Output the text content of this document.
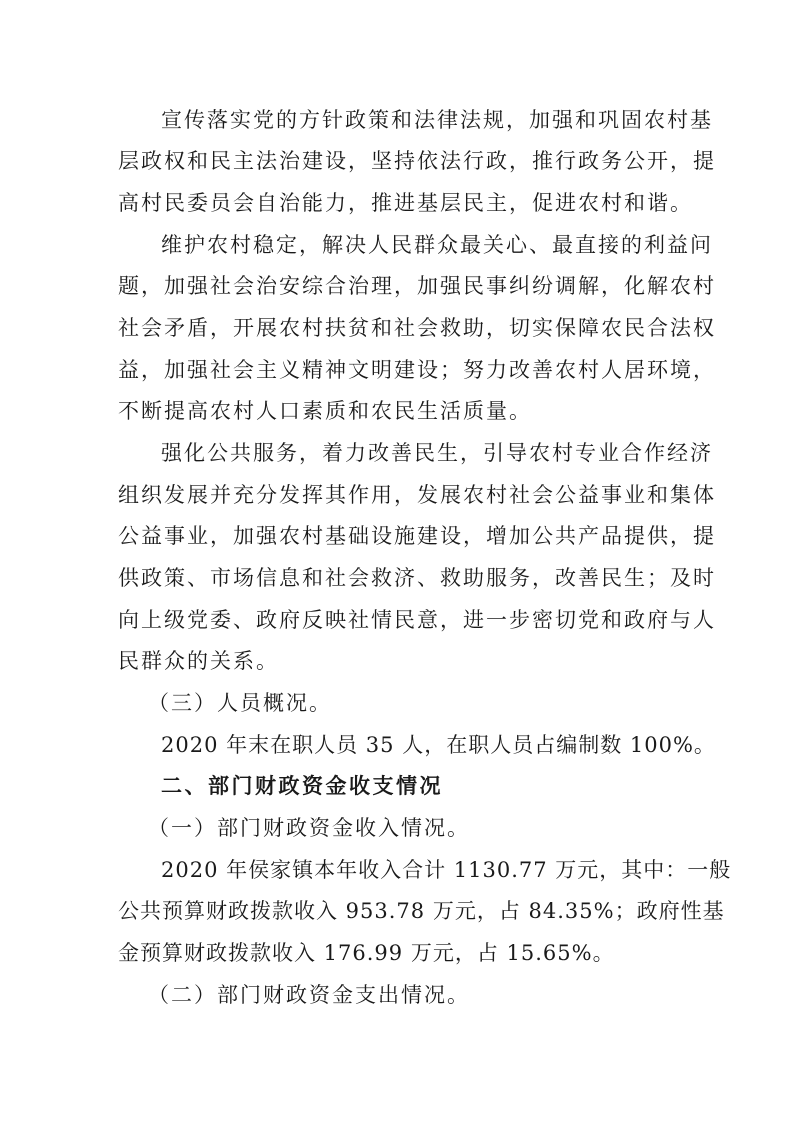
宣传落实党的方针政策和法律法规，加强和巩固农村基
层政权和民主法治建设，坚持依法行政，推行政务公开，提
高村民委员会自治能力，推进基层民主，促进农村和谐。
维护农村稳定，解决人民群众最关心、最直接的利益问
题，加强社会治安综合治理，加强民事纠纷调解，化解农村
社会矛盾，开展农村扶贫和社会救助，切实保障农民合法权
益，加强社会主义精神文明建设；努力改善农村人居环境，
不断提高农村人口素质和农民生活质量。
强化公共服务，着力改善民生，引导农村专业合作经济
组织发展并充分发挥其作用，发展农村社会公益事业和集体
公益事业，加强农村基础设施建设，增加公共产品提供，提
供政策、市场信息和社会救济、救助服务，改善民生；及时
向上级党委、政府反映社情民意，进一步密切党和政府与人
民群众的关系。
（三）人员概况。
2020 年末在职人员 35 人，在职人员占编制数 100%。
二、部门财政资金收支情况
（一）部门财政资金收入情况。
2020 年侯家镇本年收入合计 1130.77 万元，其中：一般
公共预算财政拨款收入 953.78 万元，占 84.35%；政府性基
金预算财政拨款收入 176.99 万元，占 15.65%。
（二）部门财政资金支出情况。
